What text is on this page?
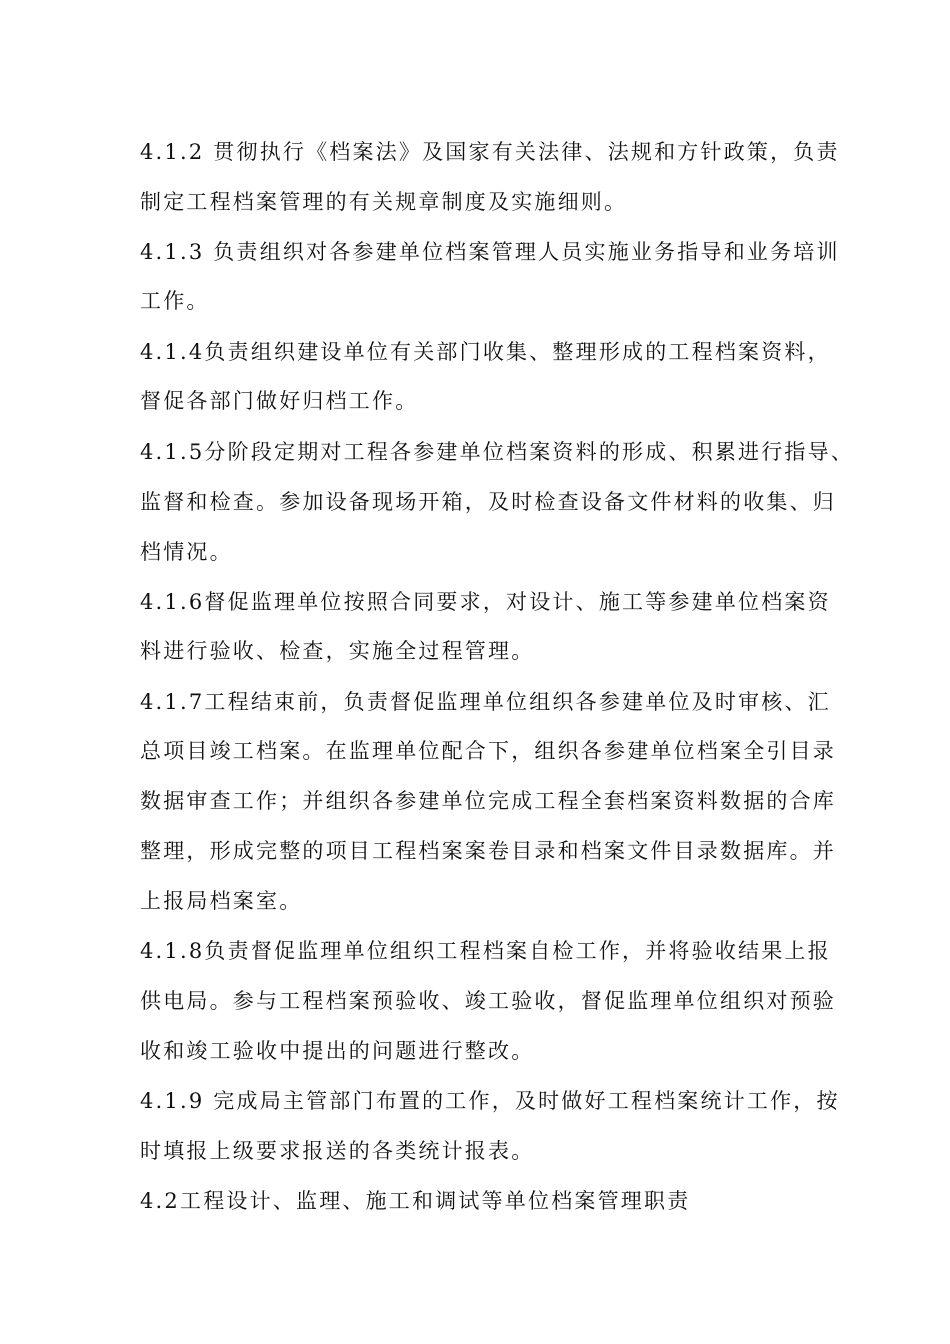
4.1.2 贯彻执行《档案法》及国家有关法律、法规和方针政策，负责
制定工程档案管理的有关规章制度及实施细则。
4.1.3 负责组织对各参建单位档案管理人员实施业务指导和业务培训
工作。
4.1.4负责组织建设单位有关部门收集、整理形成的工程档案资料，
督促各部门做好归档工作。
4.1.5分阶段定期对工程各参建单位档案资料的形成、积累进行指导、
监督和检查。参加设备现场开箱，及时检查设备文件材料的收集、归
档情况。
4.1.6督促监理单位按照合同要求，对设计、施工等参建单位档案资
料进行验收、检查，实施全过程管理。
4.1.7工程结束前，负责督促监理单位组织各参建单位及时审核、汇
总项目竣工档案。在监理单位配合下，组织各参建单位档案全引目录
数据审查工作；并组织各参建单位完成工程全套档案资料数据的合库
整理，形成完整的项目工程档案案卷目录和档案文件目录数据库。并
上报局档案室。
4.1.8负责督促监理单位组织工程档案自检工作，并将验收结果上报
供电局。参与工程档案预验收、竣工验收，督促监理单位组织对预验
收和竣工验收中提出的问题进行整改。
4.1.9 完成局主管部门布置的工作，及时做好工程档案统计工作，按
时填报上级要求报送的各类统计报表。
4.2工程设计、监理、施工和调试等单位档案管理职责
